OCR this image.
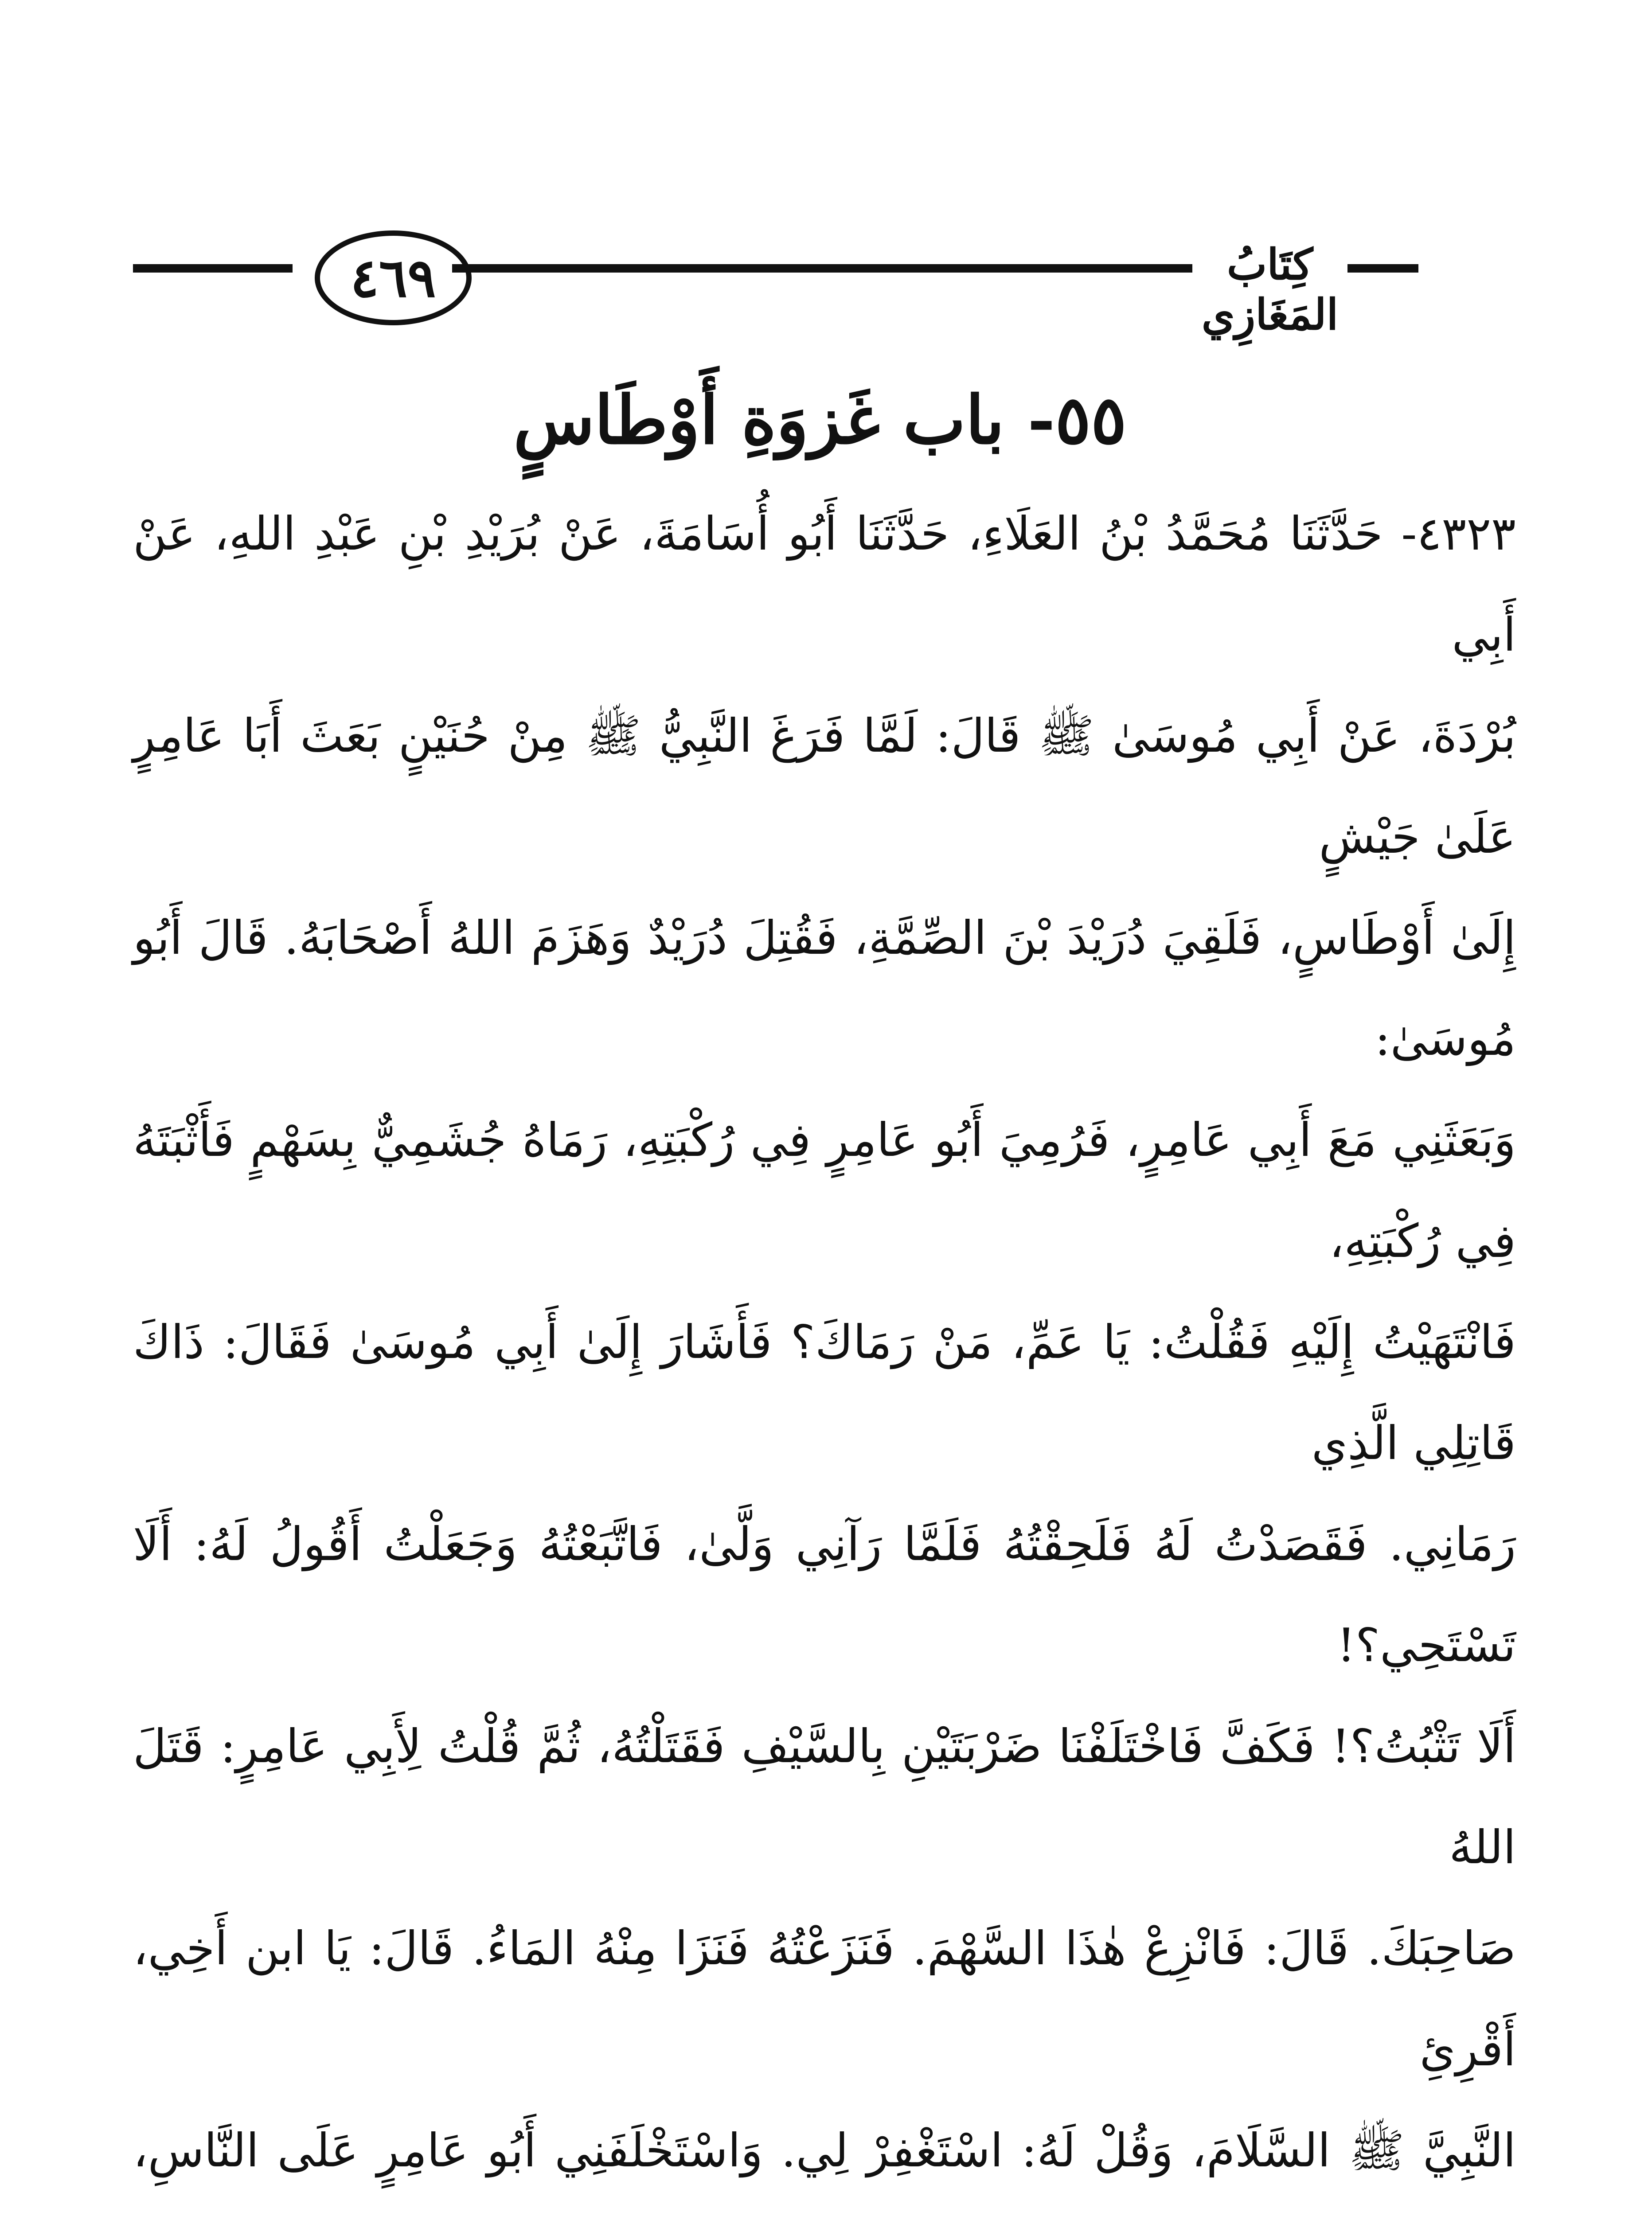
٤٦٩	كِتَابُ المَغَازِي
٥٥- باب غَزوَةِ أَوْطَاسٍ

٤٣٢٣- حَدَّثَنَا مُحَمَّدُ بْنُ العَلَاءِ، حَدَّثَنَا أَبُو أُسَامَةَ، عَنْ بُرَيْدِ بْنِ عَبْدِ اللهِ، عَنْ أَبِي

بُرْدَةَ، عَنْ أَبِي مُوسَىٰ ﷺ قَالَ: لَمَّا فَرَغَ النَّبِيُّ ﷺ مِنْ حُنَيْنٍ بَعَثَ أَبَا عَامِرٍ عَلَىٰ جَيْشٍ

إِلَىٰ أَوْطَاسٍ، فَلَقِيَ دُرَيْدَ بْنَ الصِّمَّةِ، فَقُتِلَ دُرَيْدٌ وَهَزَمَ اللهُ أَصْحَابَهُ. قَالَ أَبُو مُوسَىٰ:

وَبَعَثَنِي مَعَ أَبِي عَامِرٍ، فَرُمِيَ أَبُو عَامِرٍ فِي رُكْبَتِهِ، رَمَاهُ جُشَمِيٌّ بِسَهْمٍ فَأَثْبَتَهُ فِي رُكْبَتِهِ،

فَانْتَهَيْتُ إِلَيْهِ فَقُلْتُ: يَا عَمِّ، مَنْ رَمَاكَ؟ فَأَشَارَ إِلَىٰ أَبِي مُوسَىٰ فَقَالَ: ذَاكَ قَاتِلِي الَّذِي

رَمَانِي. فَقَصَدْتُ لَهُ فَلَحِقْتُهُ فَلَمَّا رَآنِي وَلَّىٰ، فَاتَّبَعْتُهُ وَجَعَلْتُ أَقُولُ لَهُ: أَلَا تَسْتَحِي؟!

أَلَا تَثْبُتُ؟! فَكَفَّ فَاخْتَلَفْنَا ضَرْبَتَيْنِ بِالسَّيْفِ فَقَتَلْتُهُ، ثُمَّ قُلْتُ لِأَبِي عَامِرٍ: قَتَلَ اللهُ

صَاحِبَكَ. قَالَ: فَانْزِعْ هٰذَا السَّهْمَ. فَنَزَعْتُهُ فَنَزَا مِنْهُ المَاءُ. قَالَ: يَا ابن أَخِي، أَقْرِئِ

النَّبِيَّ ﷺ السَّلَامَ، وَقُلْ لَهُ: اسْتَغْفِرْ لِي. وَاسْتَخْلَفَنِي أَبُو عَامِرٍ عَلَى النَّاسِ،
